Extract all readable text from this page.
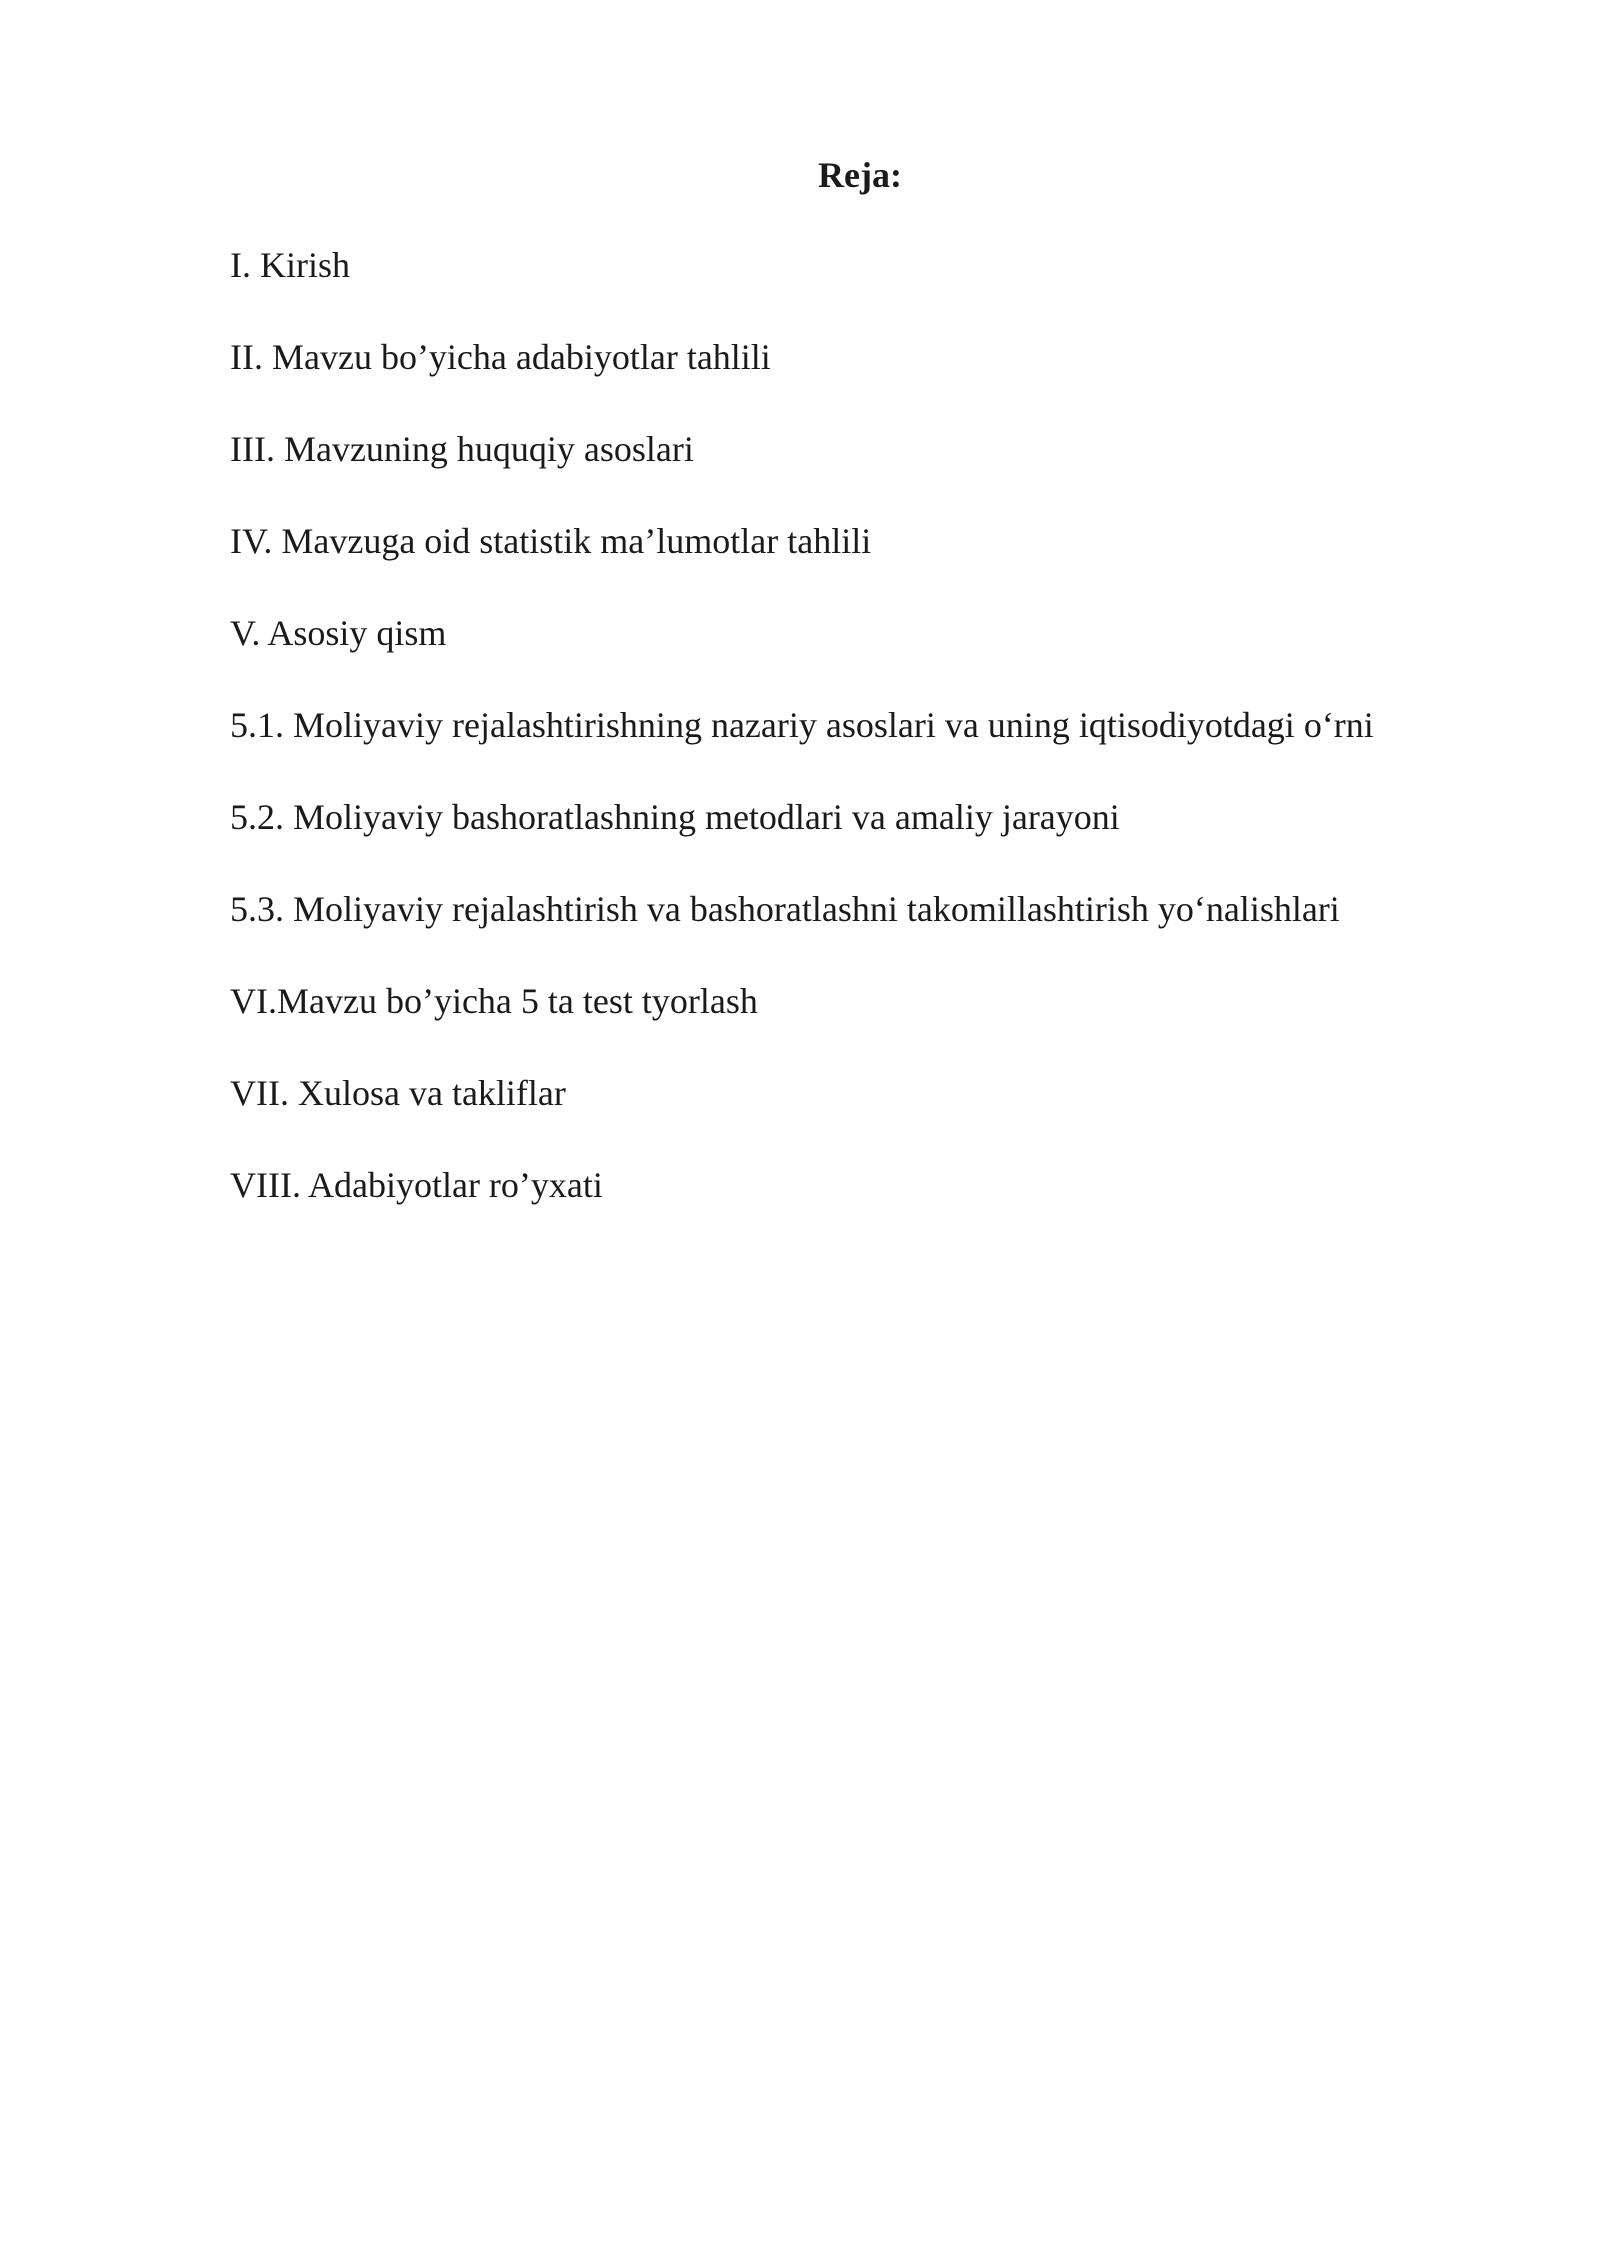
Reja:
I. Kirish
II. Mavzu bo’yicha adabiyotlar tahlili
III. Mavzuning huquqiy asoslari
IV. Mavzuga oid statistik ma’lumotlar tahlili
V. Asosiy qism
5.1. Moliyaviy rejalashtirishning nazariy asoslari va uning iqtisodiyotdagi o‘rni
5.2. Moliyaviy bashoratlashning metodlari va amaliy jarayoni
5.3. Moliyaviy rejalashtirish va bashoratlashni takomillashtirish yo‘nalishlari
VI.Mavzu bo’yicha 5 ta test tyorlash
VII. Xulosa va takliflar
VIII. Adabiyotlar ro’yxati
